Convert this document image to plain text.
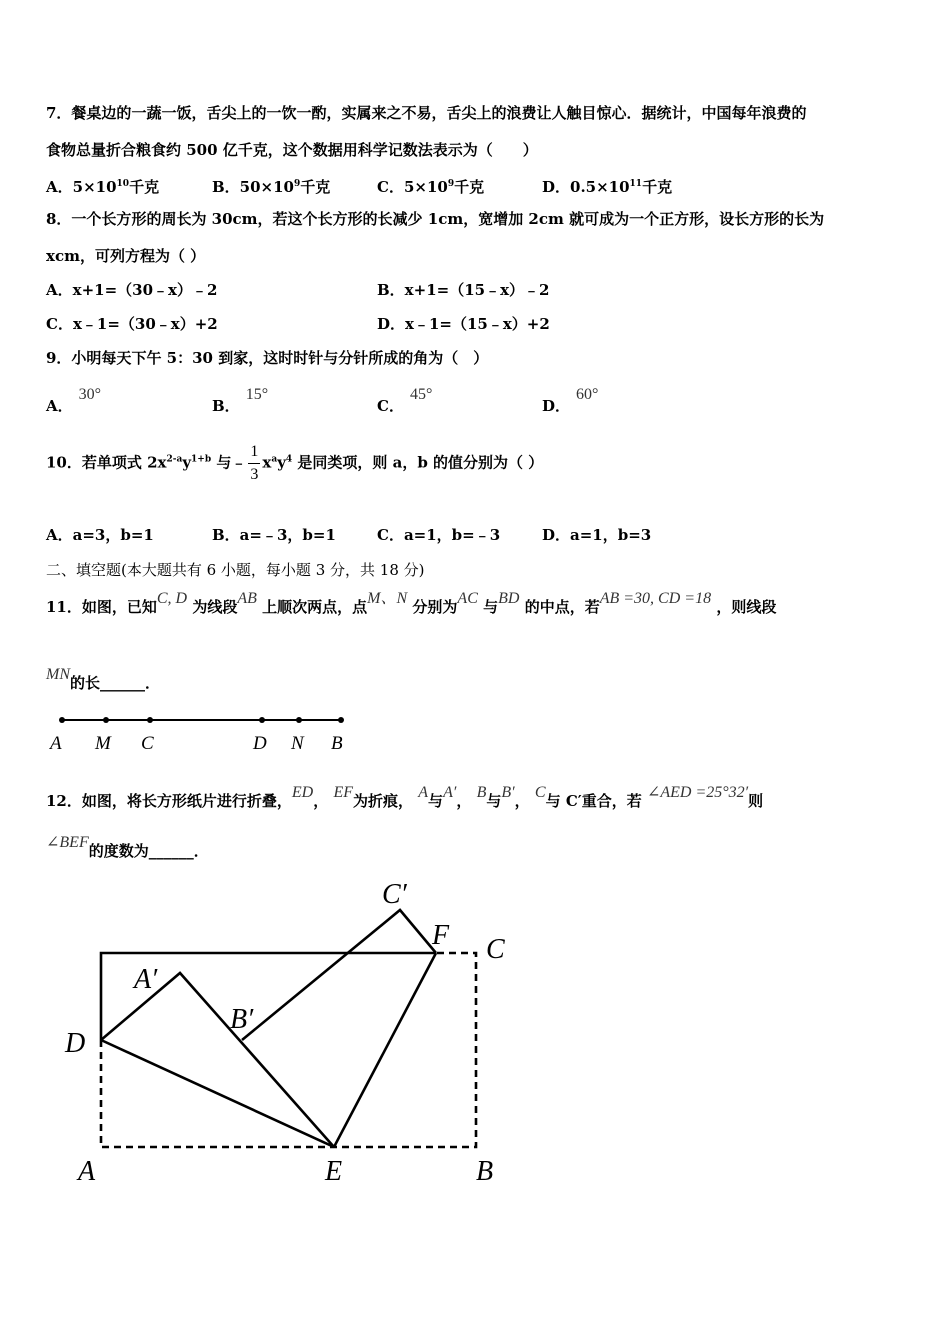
7．餐桌边的一蔬一饭，舌尖上的一饮一酌，实属来之不易，舌尖上的浪费让人触目惊心．据统计，中国每年浪费的
食物总量折合粮食约 500 亿千克，这个数据用科学记数法表示为（　　）
A．$5\times 10^{10}$千克	B．$50\times 10^9$千克	C．$5\times 10^9$千克	D．$0.5\times 10^{11}$千克
8．一个长方形的周长为 30cm，若这个长方形的长减少 1cm，宽增加 2cm 就可成为一个正方形，设长方形的长为
xcm，可列方程为（ ）
A．x+1=（30﹣x）﹣2	B．x+1=（15﹣x）﹣2
C．x﹣1=（30﹣x）+2	D．x﹣1=（15﹣x）+2
9．小明每天下午 5：30 到家，这时时针与分针所成的角为（　）
A．30°
B．15°
C．45°
D．60°
10．若单项式 $2x^{2-a}y^{1+b}$ 与﹣ $\frac{1}{3} x^ay^4$ 是同类项，则 a，b 的值分别为（ ）
A．a=3，b=1	B．a=﹣3，b=1	C．a=1，b=﹣3	D．a=1，b=3
二、填空题(本大题共有 6 小题，每小题 3 分，共 18 分)
11．如图，已知C, D 为线段AB 上顺次两点，点M、N 分别为AC 与BD 的中点，若AB =30, CD =18 ，则线段
MN的长______．
12．如图，将长方形纸片进行折叠，ED， EF为折痕， A与A′， B与B′， C与 C′重合，若 ∠AED =25°32′则
∠BEF的度数为______．
A M C	D N B
C′
F C
A′
B′
D
A	E	B
